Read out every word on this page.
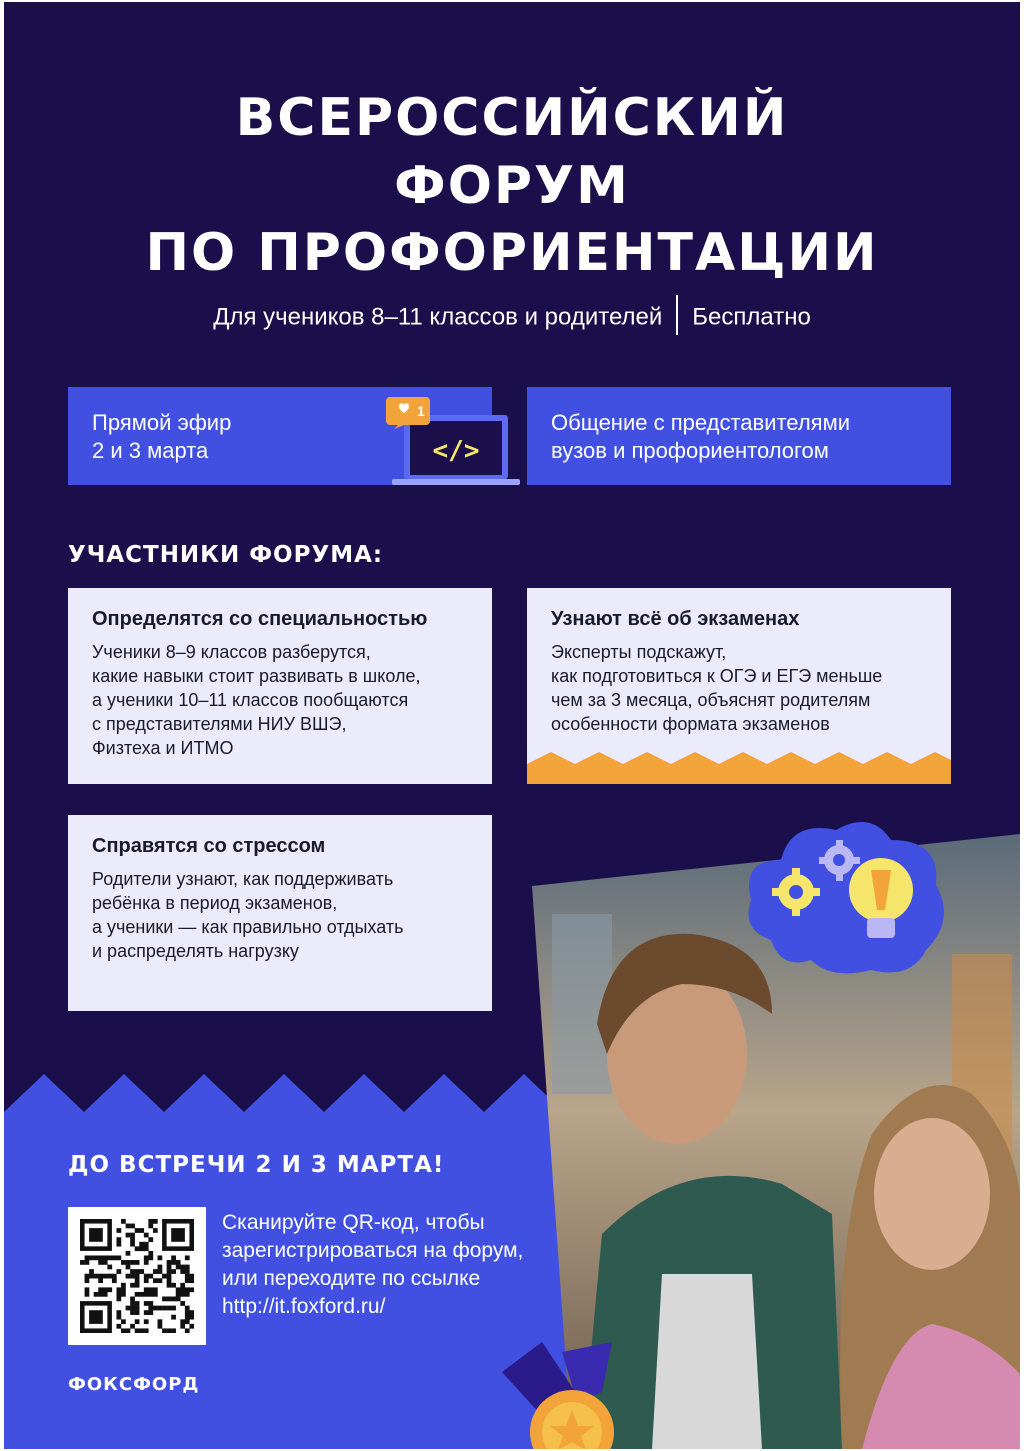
ВСЕРОССИЙСКИЙ
ФОРУМ
ПО ПРОФОРИЕНТАЦИИ
Для учеников 8–11 классов и родителей Бесплатно
Прямой эфир
2 и 3 марта	</>
1	Общение с представителями
вузов и профориентологом
УЧАСТНИКИ ФОРУМА:
Определятся со специальностью
Ученики 8–9 классов разберутся,
какие навыки стоит развивать в школе,
а ученики 10–11 классов пообщаются
с представителями НИУ ВШЭ,
Физтеха и ИТМО
Узнают всё об экзаменах
Эксперты подскажут,
как подготовиться к ОГЭ и ЕГЭ меньше
чем за 3 месяца, объяснят родителям
особенности формата экзаменов
Справятся со стрессом
Родители узнают, как поддерживать
ребёнка в период экзаменов,
а ученики — как правильно отдыхать
и распределять нагрузку
ДО ВСТРЕЧИ 2 И 3 МАРТА!
Сканируйте QR-код, чтобы
зарегистрироваться на форум,
или переходите по ссылке
http://it.foxford.ru/
ФОКСФОРД
